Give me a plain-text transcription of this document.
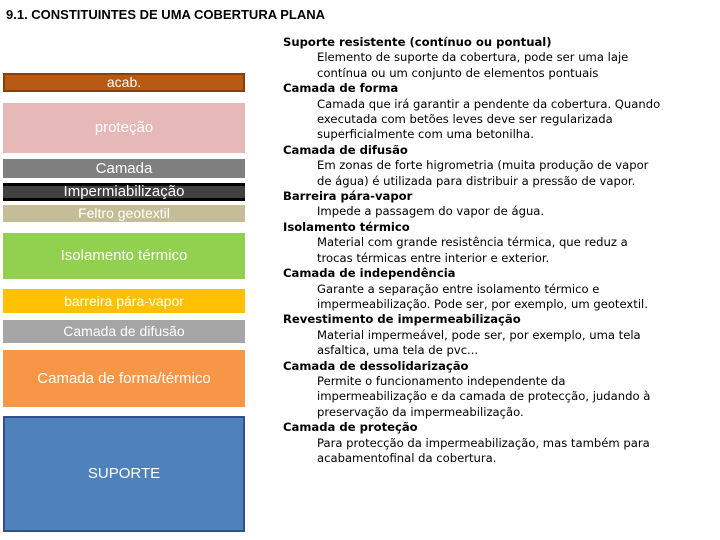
9.1. CONSTITUINTES DE UMA COBERTURA PLANA
acab.
proteção
Camada
Impermiabilização
Feltro geotextil
Isolamento térmico
barreira pára-vapor
Camada de difusão
Camada de forma/térmico
SUPORTE
Suporte resistente (contínuo ou pontual)
Elemento de suporte da cobertura, pode ser uma laje
contínua ou um conjunto de elementos pontuais
Camada de forma
Camada que irá garantir a pendente da cobertura. Quando
executada com betões leves deve ser regularizada
superficialmente com uma betonilha.
Camada de difusão
Em zonas de forte higrometria (muita produção de vapor
de água) é utilizada para distribuir a pressão de vapor.
Barreira pára-vapor
Impede a passagem do vapor de água.
Isolamento térmico
Material com grande resistência térmica, que reduz a
trocas térmicas entre interior e exterior.
Camada de independência
Garante a separação entre isolamento térmico e
impermeabilização. Pode ser, por exemplo, um geotextil.
Revestimento de impermeabilização
Material impermeável, pode ser, por exemplo, uma tela
asfaltica, uma tela de pvc...
Camada de dessolidarização
Permite o funcionamento independente da
impermeabilização e da camada de protecção, judando à
preservação da impermeabilização.
Camada de proteção
Para protecção da impermeabilização, mas também para
acabamentofinal da cobertura.
